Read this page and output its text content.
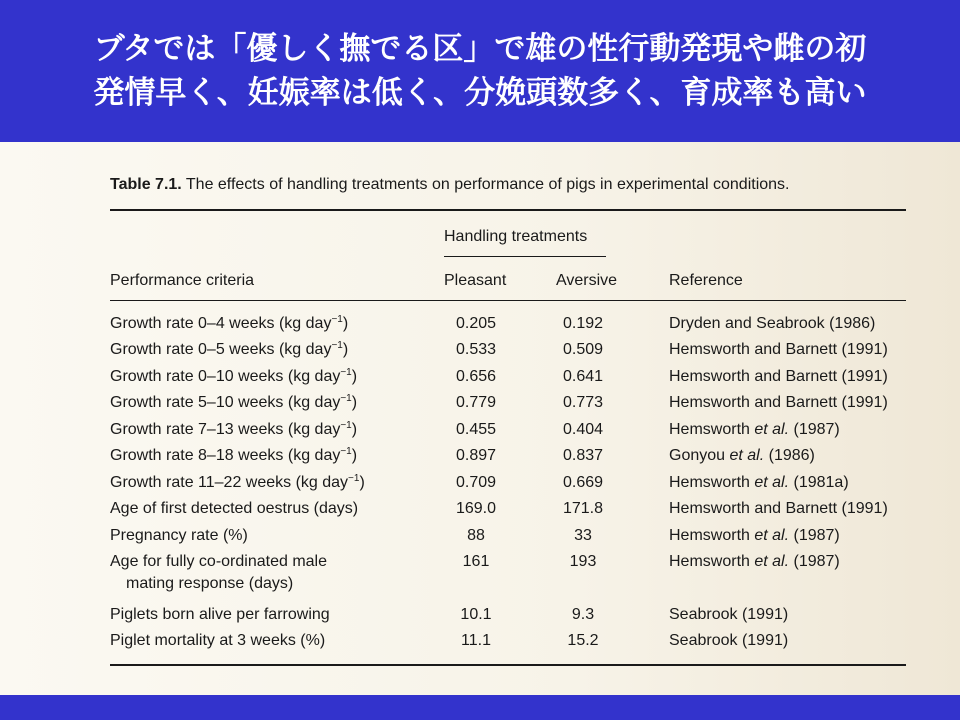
ブタでは「優しく撫でる区」で雄の性行動発現や雌の初
発情早く、妊娠率は低く、分娩頭数多く、育成率も高い
Table 7.1. The effects of handling treatments on performance of pigs in experimental conditions.
Handling treatments
Performance criteria	Pleasant	Aversive	Reference
Growth rate 0–4 weeks (kg day$^{-1}$)	0.205	0.192	Dryden and Seabrook (1986)
Growth rate 0–5 weeks (kg day$^{-1}$)	0.533	0.509	Hemsworth and Barnett (1991)
Growth rate 0–10 weeks (kg day$^{-1}$)	0.656	0.641	Hemsworth and Barnett (1991)
Growth rate 5–10 weeks (kg day$^{-1}$)	0.779	0.773	Hemsworth and Barnett (1991)
Growth rate 7–13 weeks (kg day$^{-1}$)	0.455	0.404	Hemsworth et al. (1987)
Growth rate 8–18 weeks (kg day$^{-1}$)	0.897	0.837	Gonyou et al. (1986)
Growth rate 11–22 weeks (kg day$^{-1}$)	0.709	0.669	Hemsworth et al. (1981a)
Age of first detected oestrus (days)	169.0	171.8	Hemsworth and Barnett (1991)
Pregnancy rate (%)	88	33	Hemsworth et al. (1987)
Age for fully co-ordinated male
mating response (days)
161	193	Hemsworth et al. (1987)
Piglets born alive per farrowing	10.1	9.3	Seabrook (1991)
Piglet mortality at 3 weeks (%)	11.1	15.2	Seabrook (1991)
